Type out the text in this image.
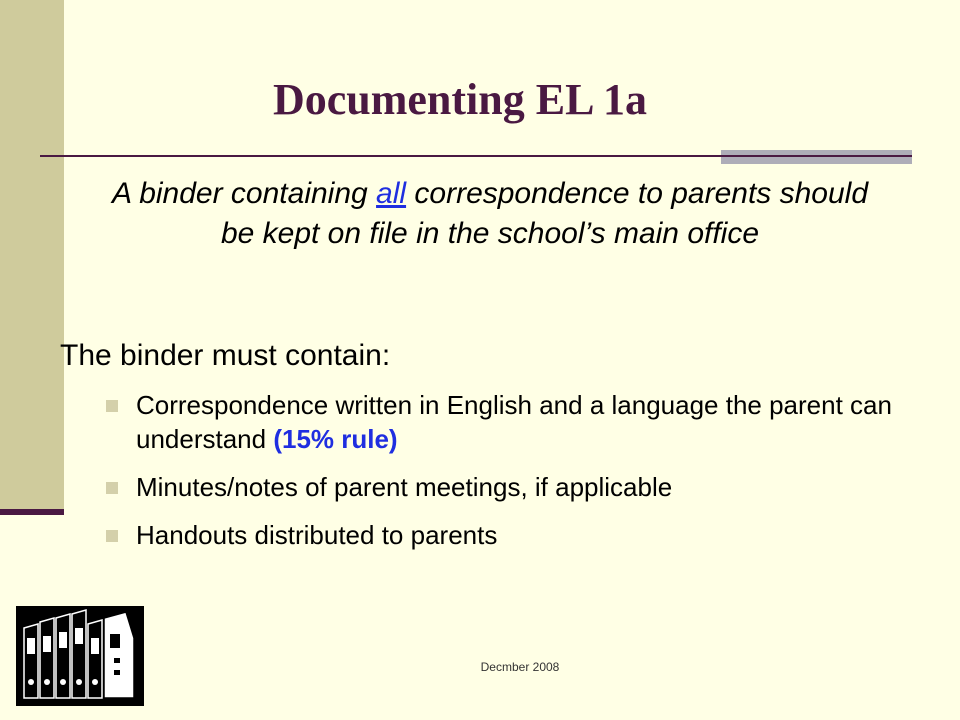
Documenting EL 1a
A binder containing all correspondence to parents should be kept on file in the school’s main office
The binder must contain:
Correspondence written in English and a language the parent can understand (15% rule)
Minutes/notes of parent meetings, if applicable
Handouts distributed to parents
Decmber 2008
